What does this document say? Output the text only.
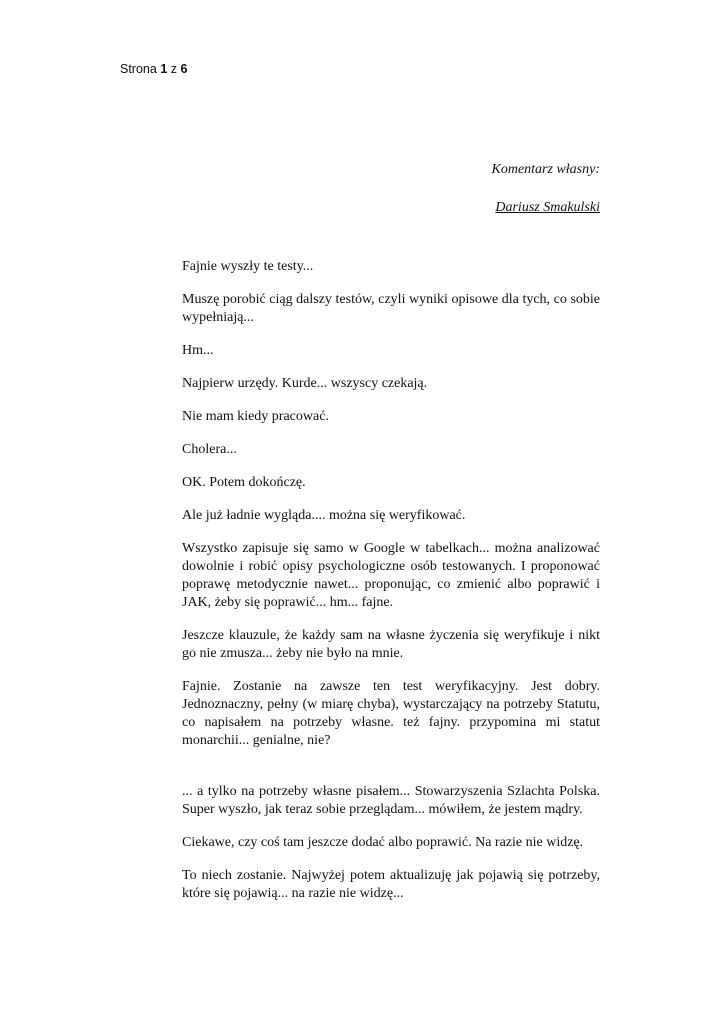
Strona 1 z 6

Komentarz własny:

Dariusz Smakulski

Fajnie wyszły te testy...

Muszę porobić ciąg dalszy testów, czyli wyniki opisowe dla tych, co sobie wypełniają...

Hm...

Najpierw urzędy. Kurde... wszyscy czekają.

Nie mam kiedy pracować.

Cholera...

OK. Potem dokończę.

Ale już ładnie wygląda.... można się weryfikować.

Wszystko zapisuje się samo w Google w tabelkach... można analizować dowolnie i robić opisy psychologiczne osób testowanych. I proponować poprawę metodycznie nawet... proponując, co zmienić albo poprawić i JAK, żeby się poprawić... hm... fajne.

Jeszcze klauzule, że każdy sam na własne życzenia się weryfikuje i nikt go nie zmusza... żeby nie było na mnie.

Fajnie. Zostanie na zawsze ten test weryfikacyjny. Jest dobry. Jednoznaczny, pełny (w miarę chyba), wystarczający na potrzeby Statutu, co napisałem na potrzeby własne. też fajny. przypomina mi statut monarchii... genialne, nie?

... a tylko na potrzeby własne pisałem... Stowarzyszenia Szlachta Polska. Super wyszło, jak teraz sobie przeglądam... mówiłem, że jestem mądry.

Ciekawe, czy coś tam jeszcze dodać albo poprawić. Na razie nie widzę.

To niech zostanie. Najwyżej potem aktualizuję jak pojawią się potrzeby, które się pojawią... na razie nie widzę...
